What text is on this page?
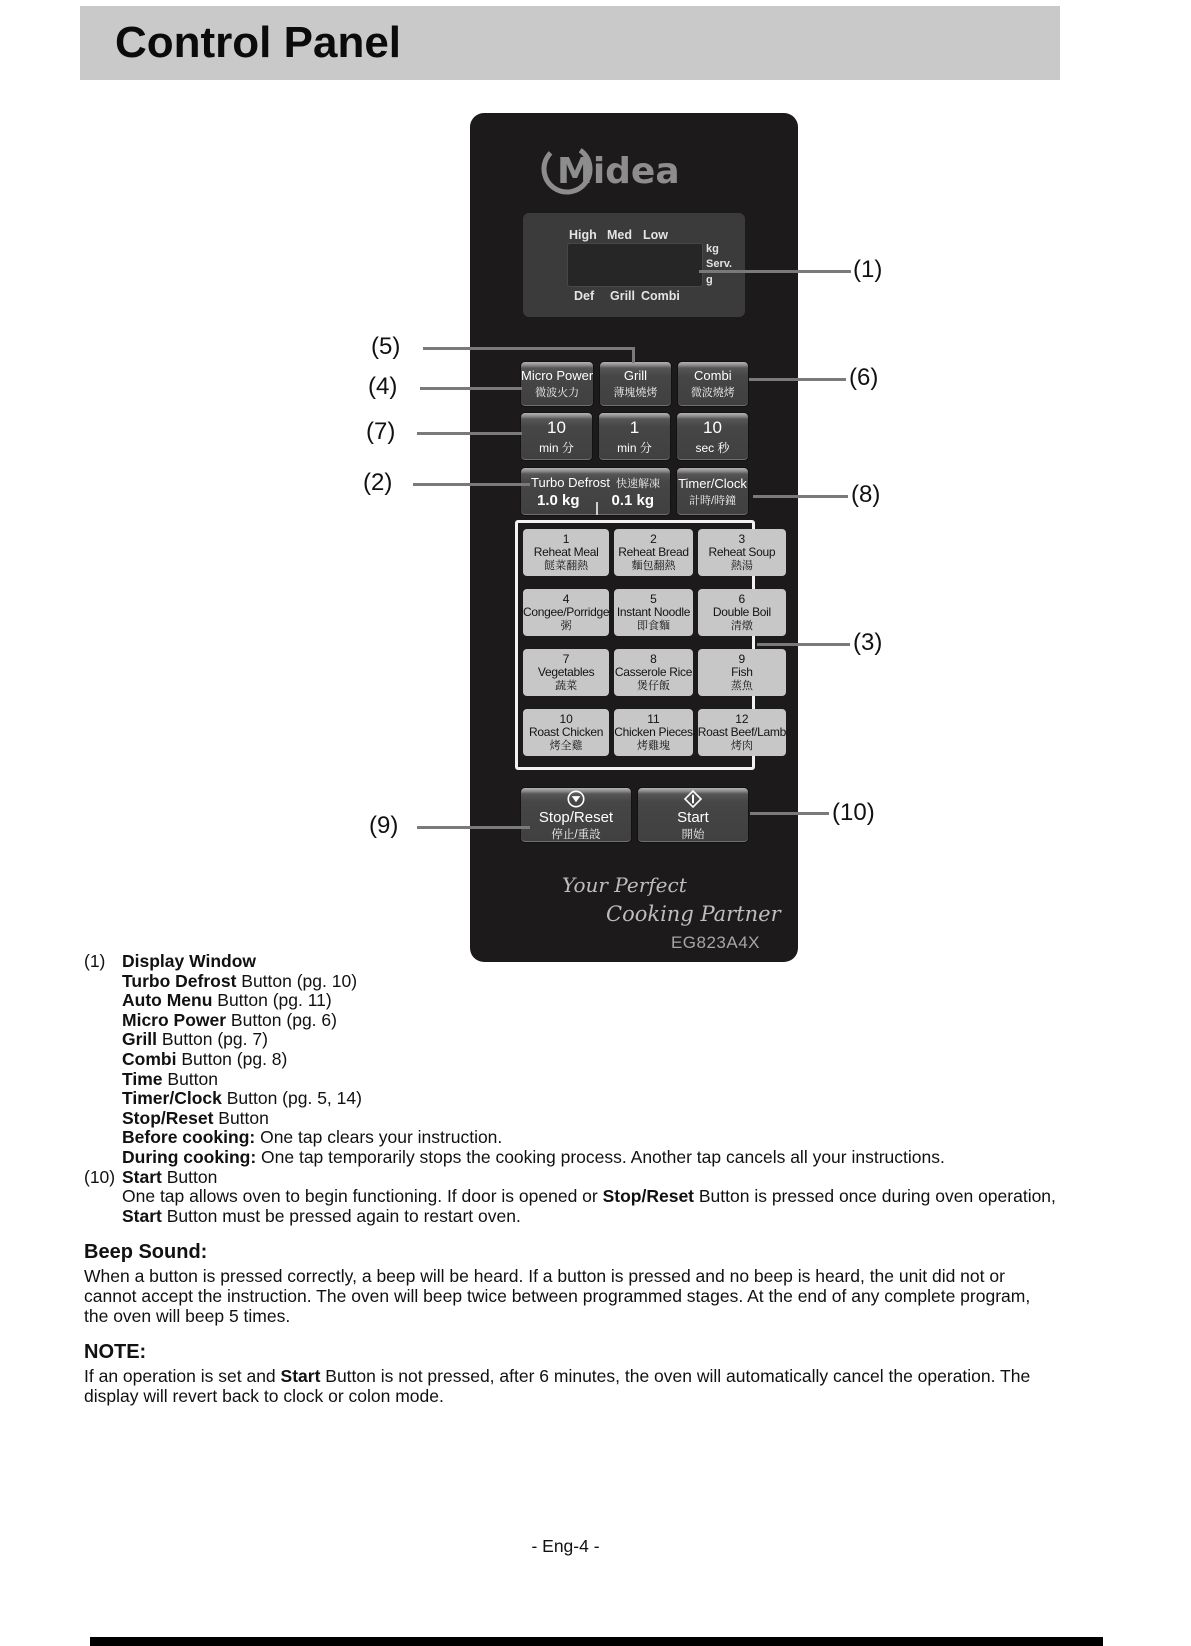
Control Panel
Midea
High Med Low
kg
Serv.
g
Def Grill Combi
Micro Power
微波火力
Grill
薄塊燒烤
Combi
微波燒烤
10
min 分
1
min 分
10
sec 秒
Turbo Defrost 快速解凍
1.0 kg 0.1 kg
Timer/Clock
計時/時鐘
1
Reheat Meal
餸菜翻熱
2
Reheat Bread
麵包翻熱
3
Reheat Soup
熱湯
4
Congee/Porridge
粥
5
Instant Noodle
即食麵
6
Double Boil
清燉
7
Vegetables
蔬菜
8
Casserole Rice
煲仔飯
9
Fish
蒸魚
10
Roast Chicken
烤全雞
11
Chicken Pieces
烤雞塊
12
Roast Beef/Lamb
烤肉
Stop/Reset
停止/重設
Start
開始
Your Perfect
Cooking Partner
EG823A4X
(1)
(5)
(4)
(7)
(2)
(6)
(8)
(3)
(9)	(10)
(1) Display Window
Turbo Defrost Button (pg. 10)
Auto Menu Button (pg. 11)
Micro Power Button (pg. 6)
Grill Button (pg. 7)
Combi Button (pg. 8)
Time Button
Timer/Clock Button (pg. 5, 14)
Stop/Reset Button
Before cooking: One tap clears your instruction.
During cooking: One tap temporarily stops the cooking process. Another tap cancels all your instructions.
(10) Start Button
One tap allows oven to begin functioning. If door is opened or Stop/Reset Button is pressed once during oven operation,
Start Button must be pressed again to restart oven.
Beep Sound:
When a button is pressed correctly, a beep will be heard. If a button is pressed and no beep is heard, the unit did not or
cannot accept the instruction. The oven will beep twice between programmed stages. At the end of any complete program,
the oven will beep 5 times.
NOTE:
If an operation is set and Start Button is not pressed, after 6 minutes, the oven will automatically cancel the operation. The
display will revert back to clock or colon mode.
- Eng-4 -
